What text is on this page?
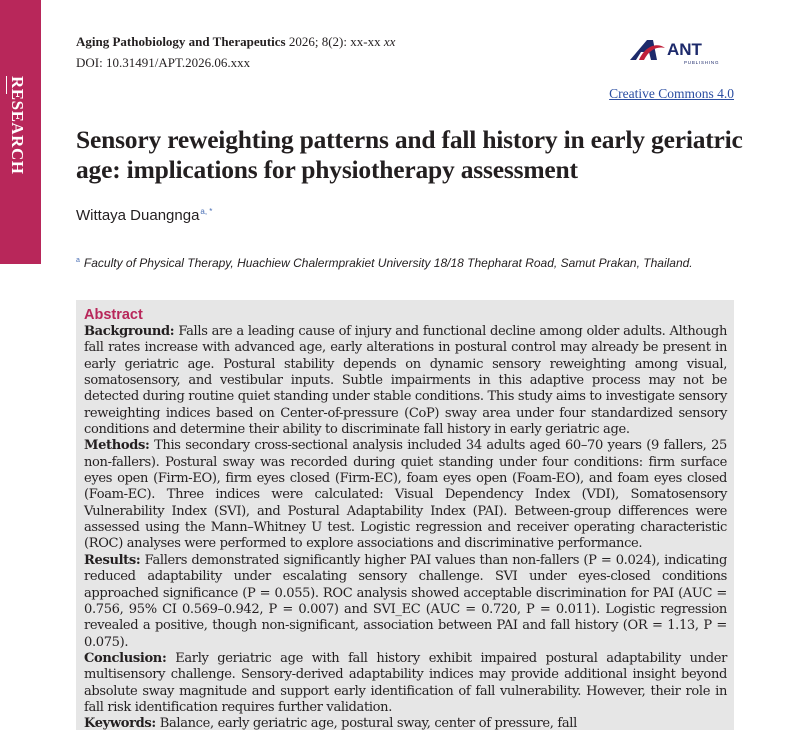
RESEARCH
Aging Pathobiology and Therapeutics 2026; 8(2): xx-xx xx
DOI: 10.31491/APT.2026.06.xxx
ANT
PUBLISHING
Creative Commons 4.0
Sensory reweighting patterns and fall history in early geriatric age: implications for physiotherapy assessment
Wittaya Duangnga$^{a, *}$
$^a$ Faculty of Physical Therapy, Huachiew Chalermprakiet University 18/18 Thepharat Road, Samut Prakan, Thailand.
Abstract

Background: Falls are a leading cause of injury and functional decline among older adults. Although fall rates increase with advanced age, early alterations in postural control may already be present in early geriatric age. Postural stability depends on dynamic sensory reweighting among visual, somatosensory, and vestibular inputs. Subtle impairments in this adaptive process may not be detected during routine quiet standing under stable conditions. This study aims to investigate sensory reweighting indices based on Center-of-pressure (CoP) sway area under four standardized sensory conditions and determine their ability to discriminate fall history in early geriatric age.

Methods: This secondary cross-sectional analysis included 34 adults aged 60–70 years (9 fallers, 25 non-fallers). Postural sway was recorded during quiet standing under four conditions: firm surface eyes open (Firm-EO), firm eyes closed (Firm-EC), foam eyes open (Foam-EO), and foam eyes closed (Foam-EC). Three indices were calculated: Visual Dependency Index (VDI), Somatosensory Vulnerability Index (SVI), and Postural Adaptability Index (PAI). Between-group differences were assessed using the Mann–Whitney U test. Logistic regression and receiver operating characteristic (ROC) analyses were performed to explore associations and discriminative performance.

Results: Fallers demonstrated significantly higher PAI values than non-fallers (P = 0.024), indicating reduced adaptability under escalating sensory challenge. SVI under eyes-closed conditions approached significance (P = 0.055). ROC analysis showed acceptable discrimination for PAI (AUC = 0.756, 95% CI 0.569–0.942, P = 0.007) and SVI_EC (AUC = 0.720, P = 0.011). Logistic regression revealed a positive, though non-significant, association between PAI and fall history (OR = 1.13, P = 0.075).

Conclusion: Early geriatric age with fall history exhibit impaired postural adaptability under multisensory challenge. Sensory-derived adaptability indices may provide additional insight beyond absolute sway magnitude and support early identification of fall vulnerability. However, their role in fall risk identification requires further validation.

Keywords: Balance, early geriatric age, postural sway, center of pressure, fall
